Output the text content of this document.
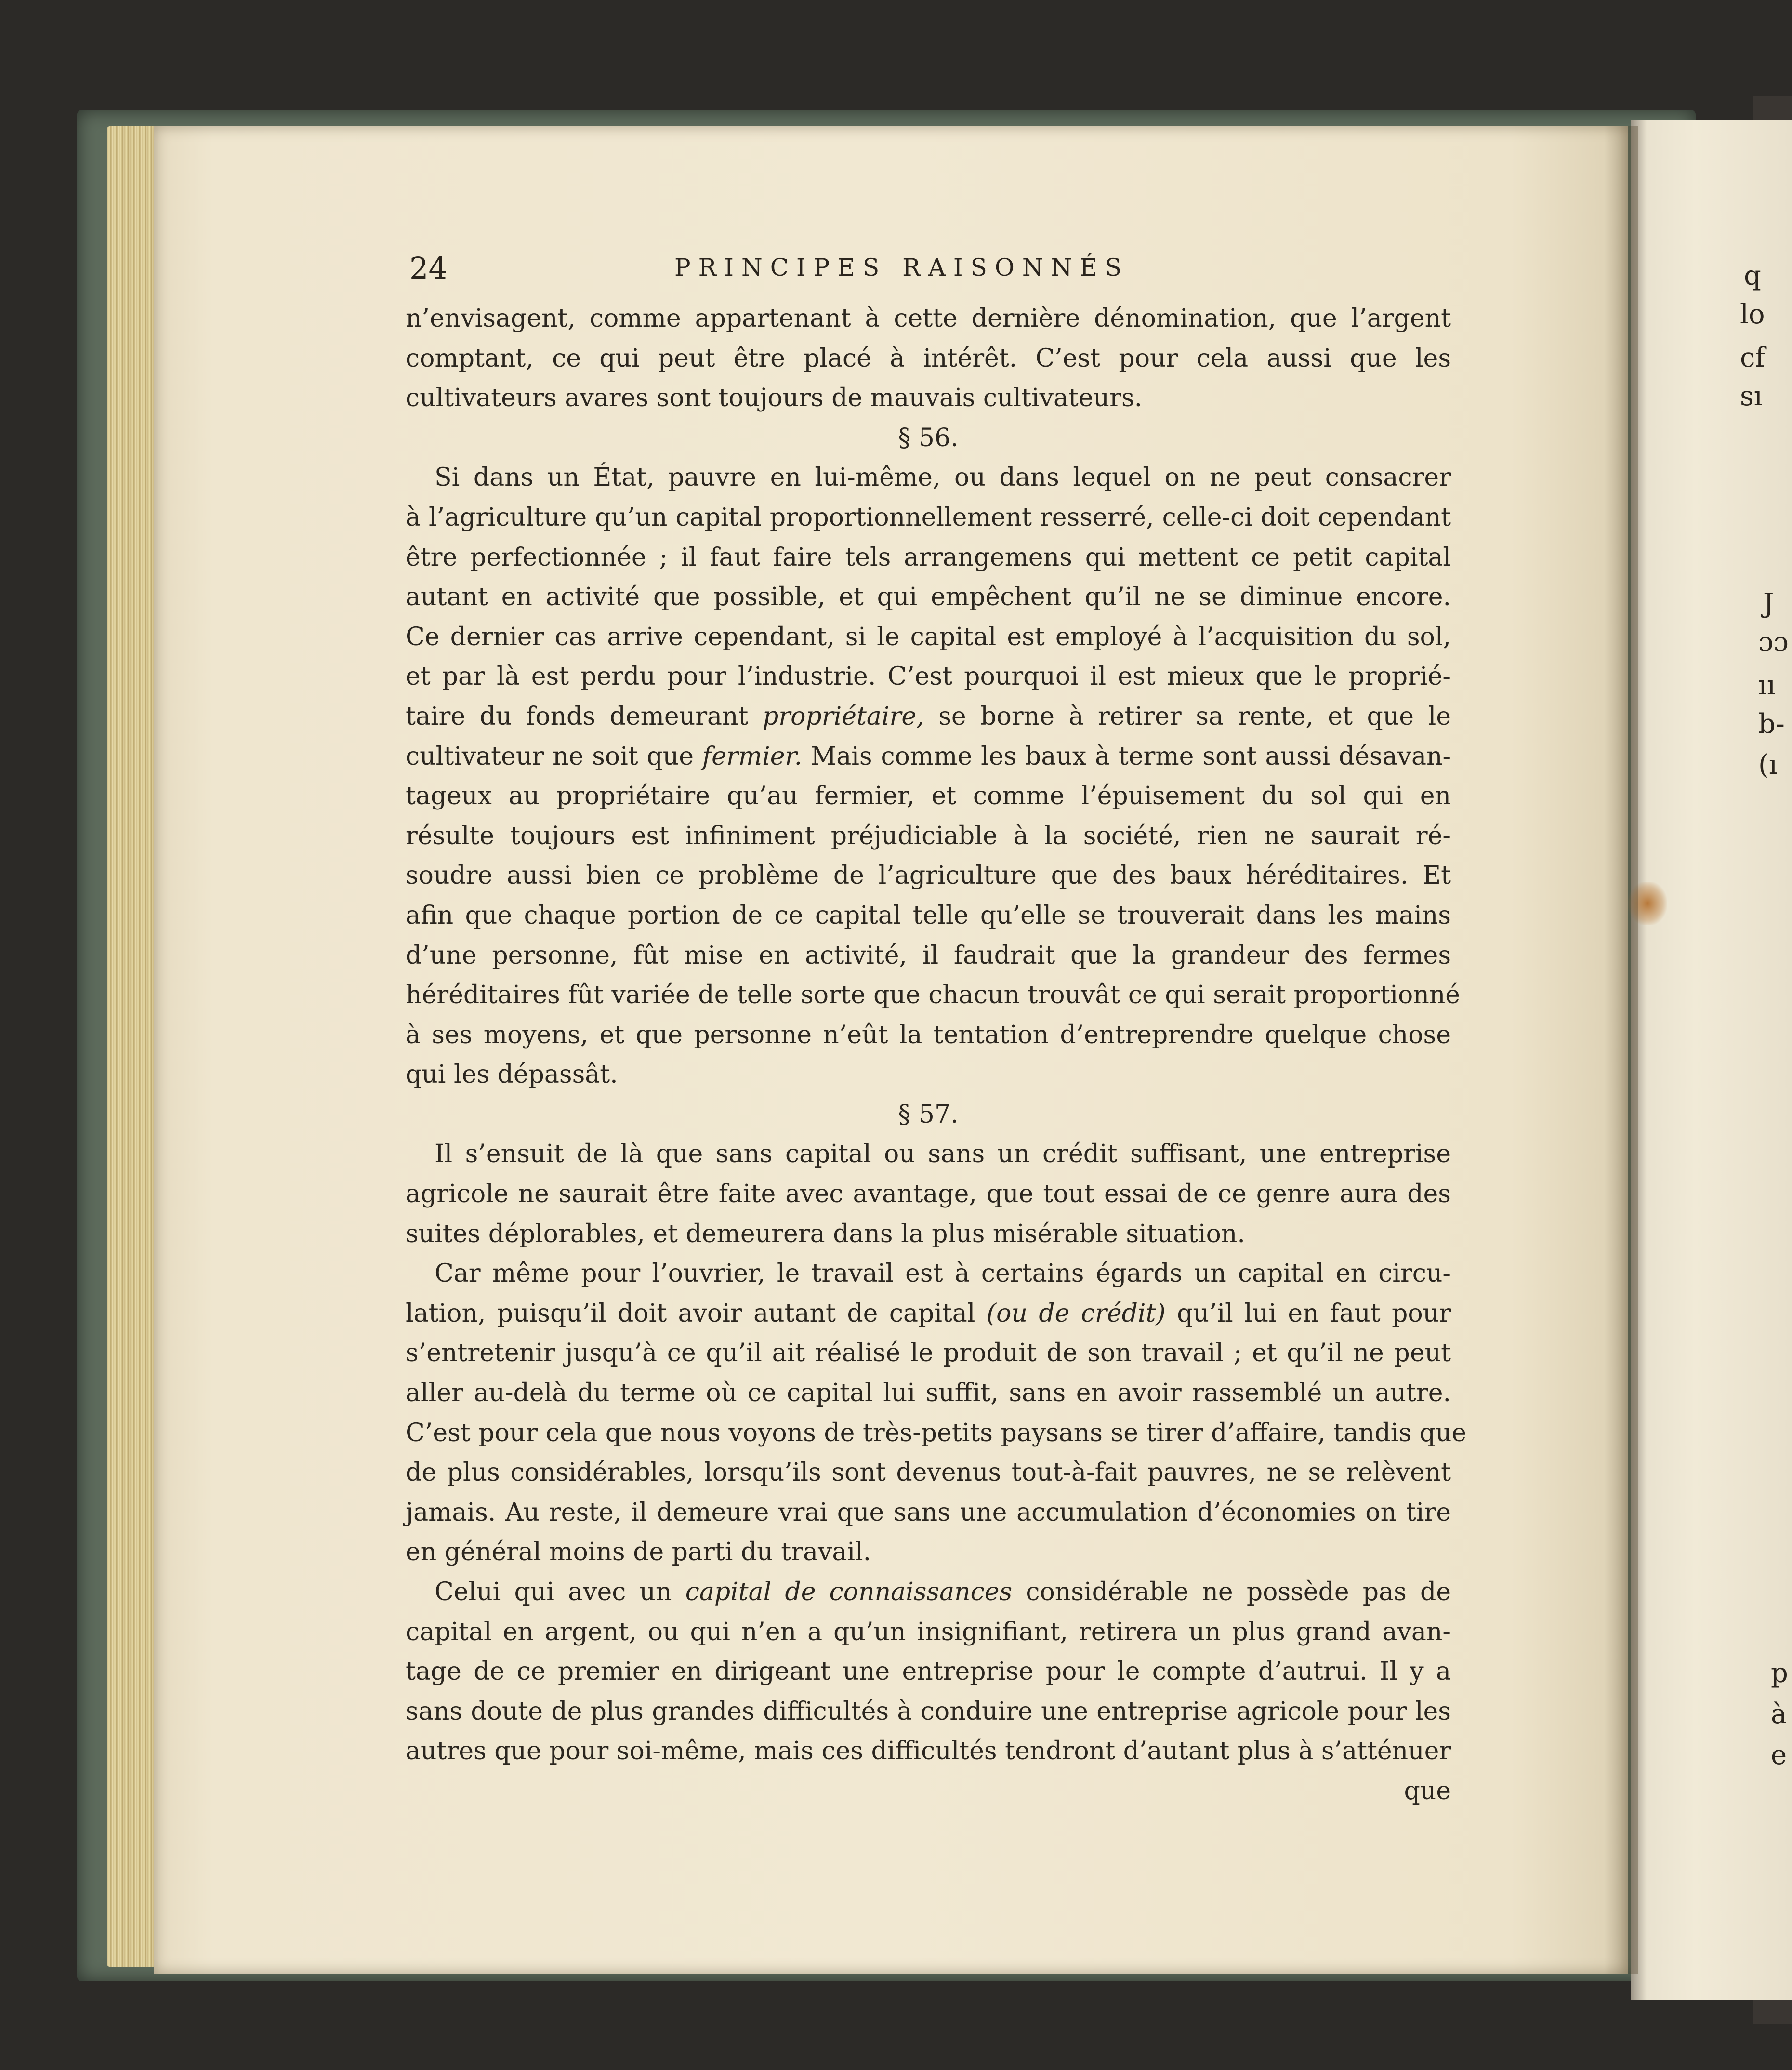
q
lo
cf
sı
J
ɔɔ
ıı
b-
(ı
p
à
e
24	PRINCIPES RAISONNÉS
n’envisagent, comme appartenant à cette dernière dénomination, que l’argent
comptant, ce qui peut être placé à intérêt. C’est pour cela aussi que les
cultivateurs avares sont toujours de mauvais cultivateurs.
§ 56.
Si dans un État, pauvre en lui-même, ou dans lequel on ne peut consacrer
à l’agriculture qu’un capital proportionnellement resserré, celle-ci doit cependant
être perfectionnée ; il faut faire tels arrangemens qui mettent ce petit capital
autant en activité que possible, et qui empêchent qu’il ne se diminue encore.
Ce dernier cas arrive cependant, si le capital est employé à l’acquisition du sol,
et par là est perdu pour l’industrie. C’est pourquoi il est mieux que le proprié-
taire du fonds demeurant propriétaire, se borne à retirer sa rente, et que le
cultivateur ne soit que fermier. Mais comme les baux à terme sont aussi désavan-
tageux au propriétaire qu’au fermier, et comme l’épuisement du sol qui en
résulte toujours est infiniment préjudiciable à la société, rien ne saurait ré-
soudre aussi bien ce problème de l’agriculture que des baux héréditaires. Et
afin que chaque portion de ce capital telle qu’elle se trouverait dans les mains
d’une personne, fût mise en activité, il faudrait que la grandeur des fermes
héréditaires fût variée de telle sorte que chacun trouvât ce qui serait proportionné
à ses moyens, et que personne n’eût la tentation d’entreprendre quelque chose
qui les dépassât.
§ 57.
Il s’ensuit de là que sans capital ou sans un crédit suffisant, une entreprise
agricole ne saurait être faite avec avantage, que tout essai de ce genre aura des
suites déplorables, et demeurera dans la plus misérable situation.
Car même pour l’ouvrier, le travail est à certains égards un capital en circu-
lation, puisqu’il doit avoir autant de capital (ou de crédit) qu’il lui en faut pour
s’entretenir jusqu’à ce qu’il ait réalisé le produit de son travail ; et qu’il ne peut
aller au-delà du terme où ce capital lui suffit, sans en avoir rassemblé un autre.
C’est pour cela que nous voyons de très-petits paysans se tirer d’affaire, tandis que
de plus considérables, lorsqu’ils sont devenus tout-à-fait pauvres, ne se relèvent
jamais. Au reste, il demeure vrai que sans une accumulation d’économies on tire
en général moins de parti du travail.
Celui qui avec un capital de connaissances considérable ne possède pas de
capital en argent, ou qui n’en a qu’un insignifiant, retirera un plus grand avan-
tage de ce premier en dirigeant une entreprise pour le compte d’autrui. Il y a
sans doute de plus grandes difficultés à conduire une entreprise agricole pour les
autres que pour soi-même, mais ces difficultés tendront d’autant plus à s’atténuer
que
